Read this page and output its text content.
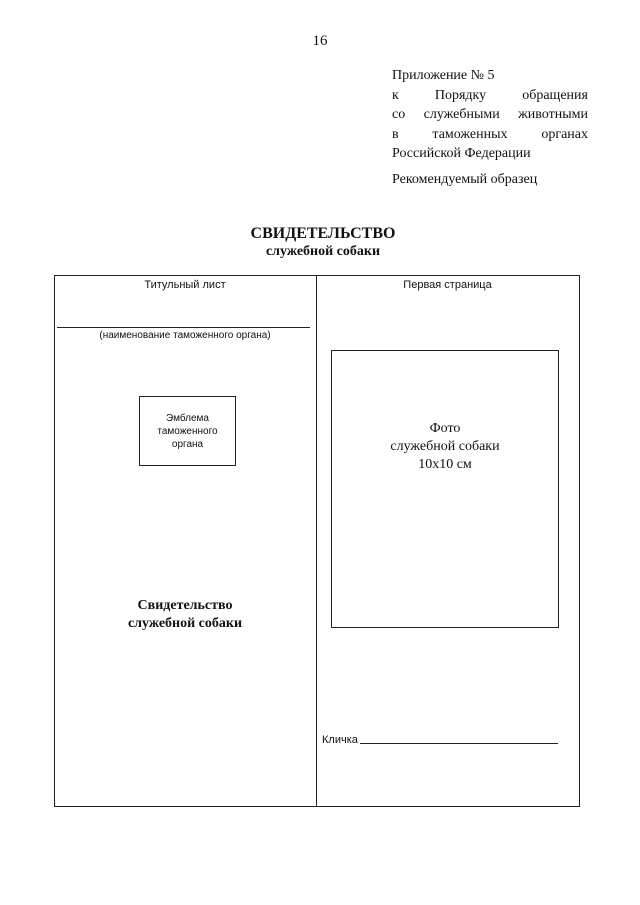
16
Приложение № 5
к	Порядку	обращения
со служебными животными
в таможенных органах
Российской Федерации
Рекомендуемый образец
СВИДЕТЕЛЬСТВО
служебной собаки
Титульный лист	Первая страница
(наименование таможенного органа)
Эмблема
таможенного
органа
Свидетельство
служебной собаки
Фото
служебной собаки
10х10 см
Кличка
